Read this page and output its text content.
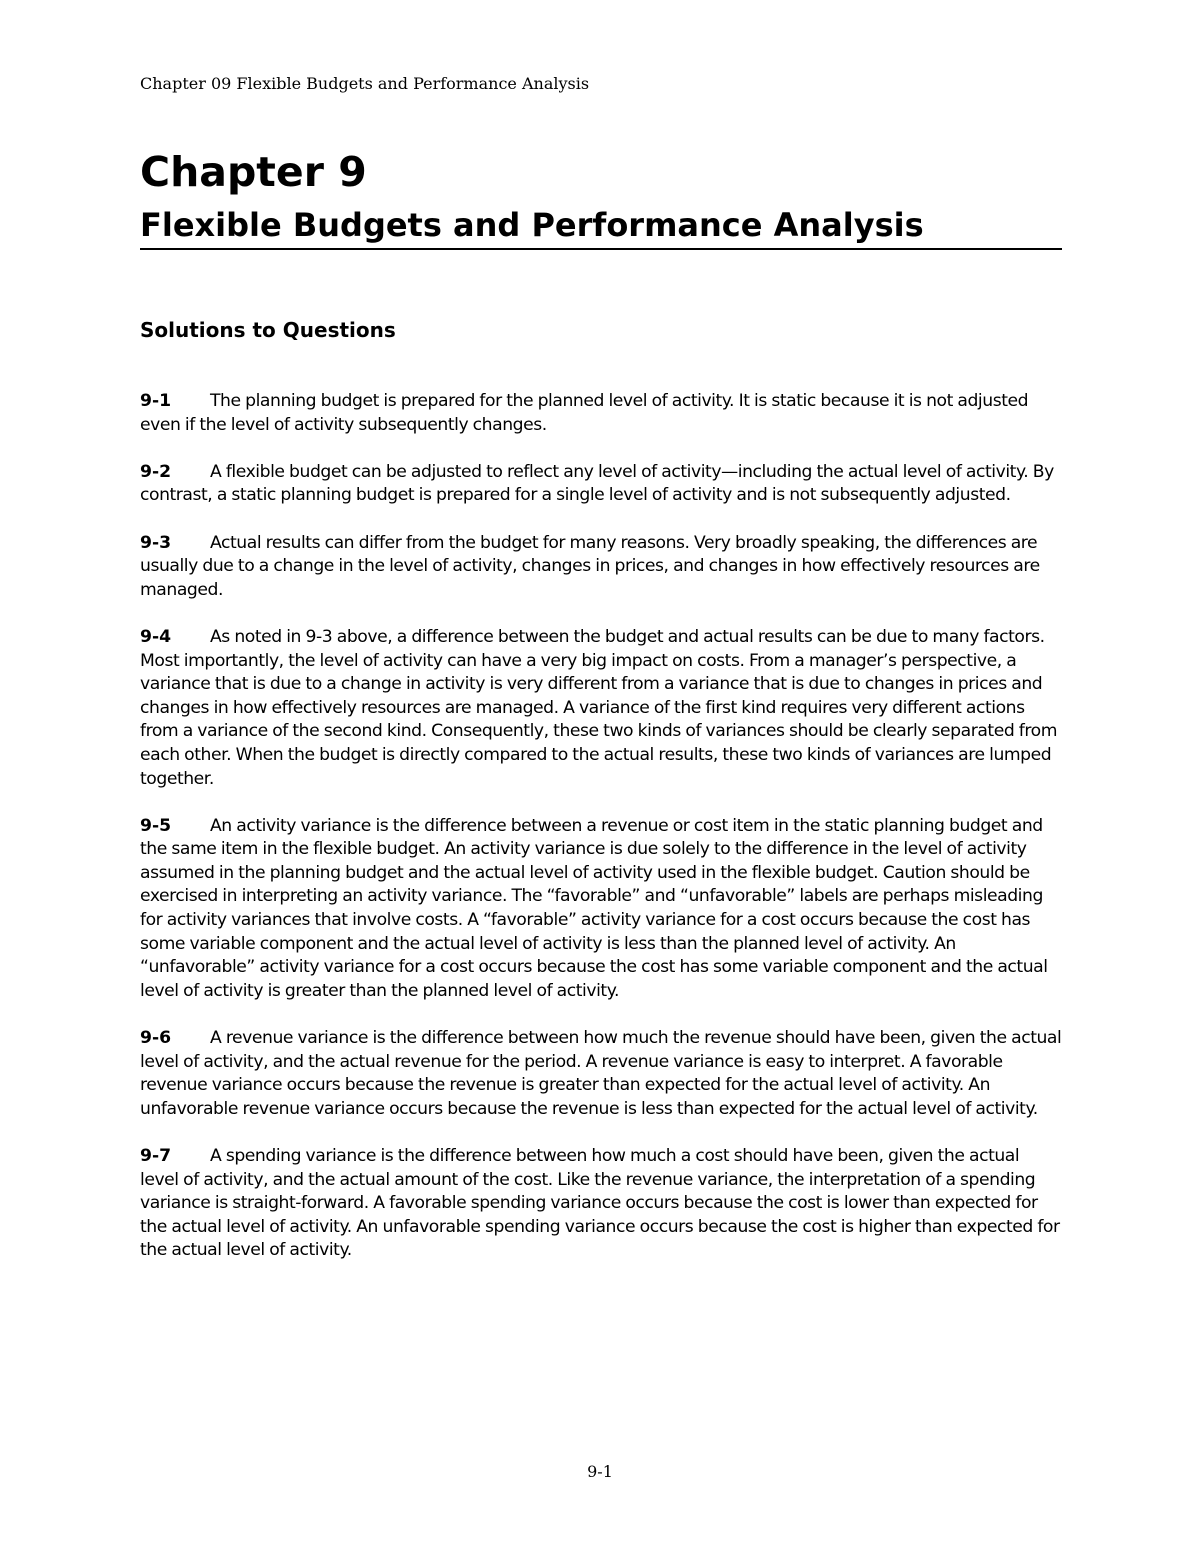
Chapter 09 Flexible Budgets and Performance Analysis
Chapter 9
Flexible Budgets and Performance Analysis
Solutions to Questions

9-1 The planning budget is prepared for the planned level of activity. It is static because it is not adjusted even if the level of activity subsequently changes.

9-2 A flexible budget can be adjusted to reflect any level of activity—including the actual level of activity. By contrast, a static planning budget is prepared for a single level of activity and is not subsequently adjusted.

9-3 Actual results can differ from the budget for many reasons. Very broadly speaking, the differences are usually due to a change in the level of activity, changes in prices, and changes in how effectively resources are managed.

9-4 As noted in 9-3 above, a difference between the budget and actual results can be due to many factors. Most importantly, the level of activity can have a very big impact on costs. From a manager’s perspective, a variance that is due to a change in activity is very different from a variance that is due to changes in prices and changes in how effectively resources are managed. A variance of the first kind requires very different actions from a variance of the second kind. Consequently, these two kinds of variances should be clearly separated from each other. When the budget is directly compared to the actual results, these two kinds of variances are lumped together.

9-5 An activity variance is the difference between a revenue or cost item in the static planning budget and the same item in the flexible budget. An activity variance is due solely to the difference in the level of activity assumed in the planning budget and the actual level of activity used in the flexible budget. Caution should be exercised in interpreting an activity variance. The “favorable” and “unfavorable” labels are perhaps misleading for activity variances that involve costs. A “favorable” activity variance for a cost occurs because the cost has some variable component and the actual level of activity is less than the planned level of activity. An “unfavorable” activity variance for a cost occurs because the cost has some variable component and the actual level of activity is greater than the planned level of activity.

9-6 A revenue variance is the difference between how much the revenue should have been, given the actual level of activity, and the actual revenue for the period. A revenue variance is easy to interpret. A favorable revenue variance occurs because the revenue is greater than expected for the actual level of activity. An unfavorable revenue variance occurs because the revenue is less than expected for the actual level of activity.

9-7 A spending variance is the difference between how much a cost should have been, given the actual level of activity, and the actual amount of the cost. Like the revenue variance, the interpretation of a spending variance is straight-forward. A favorable spending variance occurs because the cost is lower than expected for the actual level of activity. An unfavorable spending variance occurs because the cost is higher than expected for the actual level of activity.

9-1
